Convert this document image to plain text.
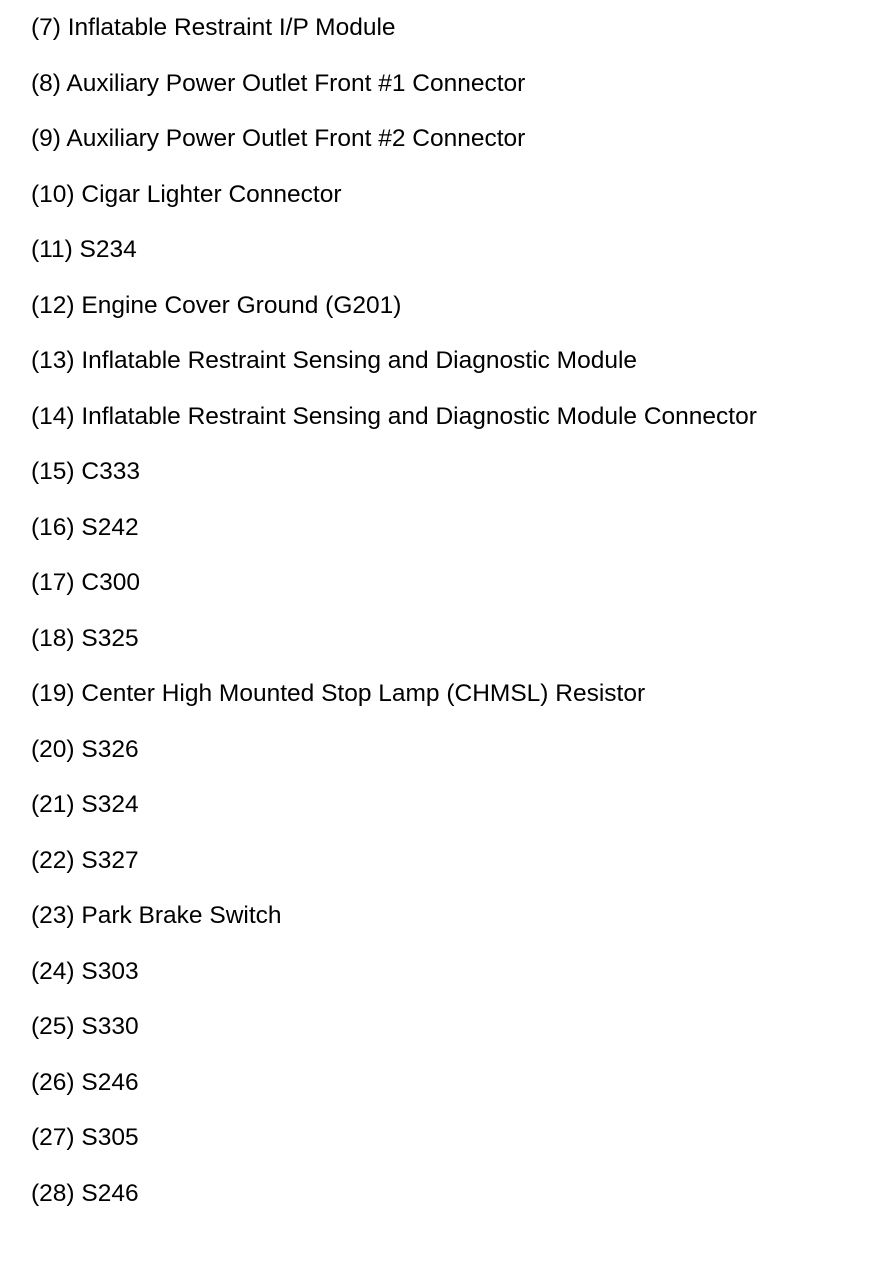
(7) Inflatable Restraint I/P Module
(8) Auxiliary Power Outlet Front #1 Connector
(9) Auxiliary Power Outlet Front #2 Connector
(10) Cigar Lighter Connector
(11) S234
(12) Engine Cover Ground (G201)
(13) Inflatable Restraint Sensing and Diagnostic Module
(14) Inflatable Restraint Sensing and Diagnostic Module Connector
(15) C333
(16) S242
(17) C300
(18) S325
(19) Center High Mounted Stop Lamp (CHMSL) Resistor
(20) S326
(21) S324
(22) S327
(23) Park Brake Switch
(24) S303
(25) S330
(26) S246
(27) S305
(28) S246
